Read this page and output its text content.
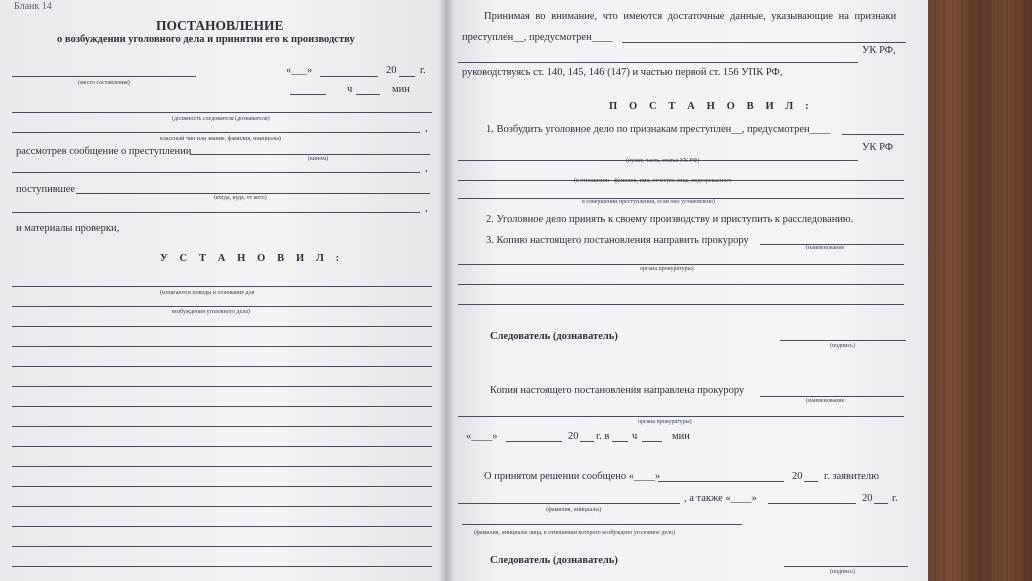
Бланк 14
ПОСТАНОВЛЕНИЕ
о возбуждении уголовного дела и принятии его к производству
(место составления)
«___»	20 г.
ч	мин
(должность следователя (дознавателя)
,
классный чин или звание, фамилия, инициалы)
рассмотрев сообщение о преступлении
(кином)
,
поступившее
(когда, куда, от кого)
,
и материалы проверки,
У С Т А Н О В И Л :
(излагаются поводы и основание для
возбуждения уголовного дела)
Принимая во внимание, что имеются достаточные данные, указывающие на признаки
преступлен__, предусмотрен____
УК РФ,
руководствуясь ст. 140, 145, 146 (147) и частью первой ст. 156 УПК РФ,
П О С Т А Н О В И Л :
1. Возбудить уголовное дело по признакам преступлен__, предусмотрен____
УК РФ
(пункт, часть, статья УК РФ)
(в отношении - фамилия, имя, отчество лица, подозреваемого
в совершении преступления, если оно установлено)
2. Уголовное дело принять к своему производству и приступить к расследованию.
3. Копию настоящего постановления направить прокурору
(наименование
органа прокуратуры)
Следователь (дознаватель)
(подпись)
Копия настоящего постановления направлена прокурору
(наименование
органа прокуратуры)
«____»	20 г. в ч	мин
О принятом решении сообщено «____»	20 г. заявителю
, а также «____»	20 г.
(фамилия, инициалы)
(фамилия, инициалы лица, в отношении которого возбуждено уголовное дело)
Следователь (дознаватель)
(подпись)
